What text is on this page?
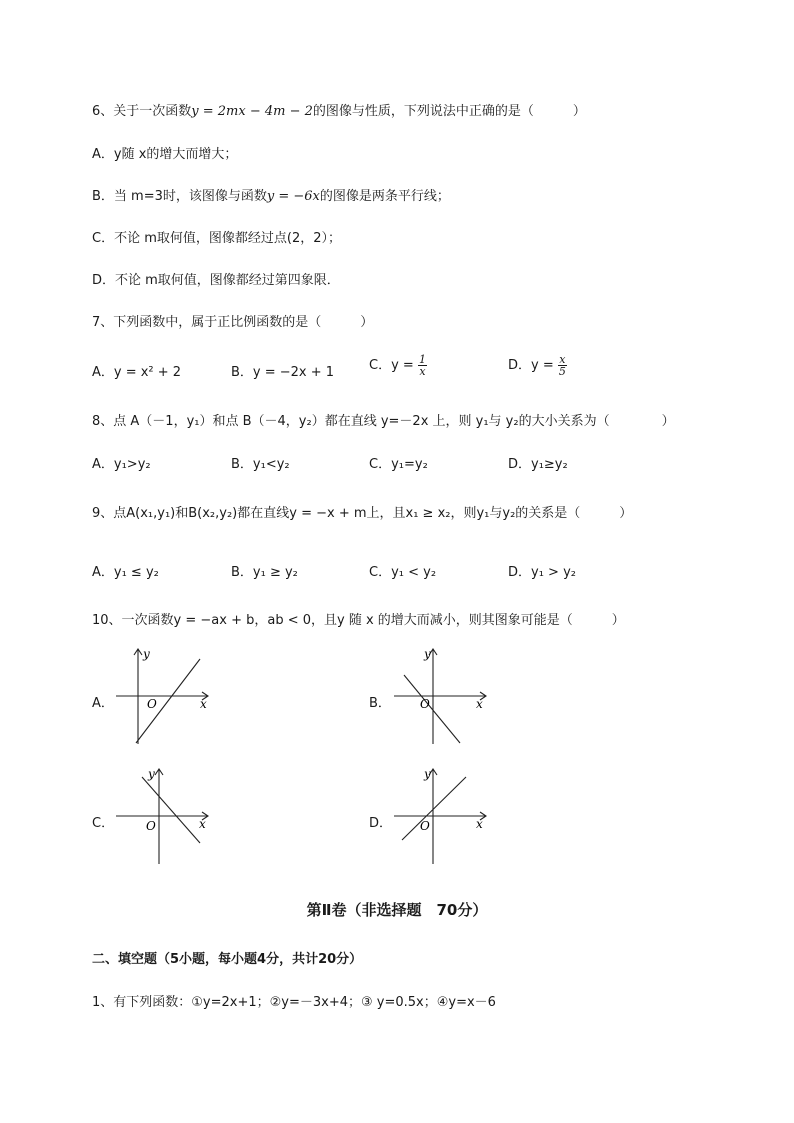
6、关于一次函数y = 2mx − 4m − 2的图像与性质，下列说法中正确的是（　　　）
A．y随 x的增大而增大；
B．当 m=3时，该图像与函数y = −6x的图像是两条平行线；
C．不论 m取何值，图像都经过点(2，2）；
D．不论 m取何值，图像都经过第四象限．
7、下列函数中，属于正比例函数的是（　　　）
A．y = x² + 2	B．y = −2x + 1	C．$y = \frac{1}{x}$	D．$y = \frac{x}{5}$
8、点 A（－1，y₁）和点 B（－4，y₂）都在直线 y=－2x 上，则 y₁与 y₂的大小关系为（　　　　）
A．y₁>y₂	B．y₁<y₂	C．y₁=y₂	D．y₁≥y₂
9、点A(x₁,y₁)和B(x₂,y₂)都在直线y = −x + m上，且x₁ ≥ x₂，则y₁与y₂的关系是（　　　）
A．y₁ ≤ y₂	B．y₁ ≥ y₂	C．y₁ < y₂	D．y₁ > y₂
10、一次函数y = −ax + b，ab < 0，且y 随 x 的增大而减小，则其图象可能是（　　　）
A．	x
y
O	B．	x
y
O
C．	x
y
O	D．	x
y
O
第Ⅱ卷（非选择题　70分）
二、填空题（5小题，每小题4分，共计20分）
1、有下列函数：①y=2x+1；②y=－3x+4；③ y=0.5x；④y=x－6
